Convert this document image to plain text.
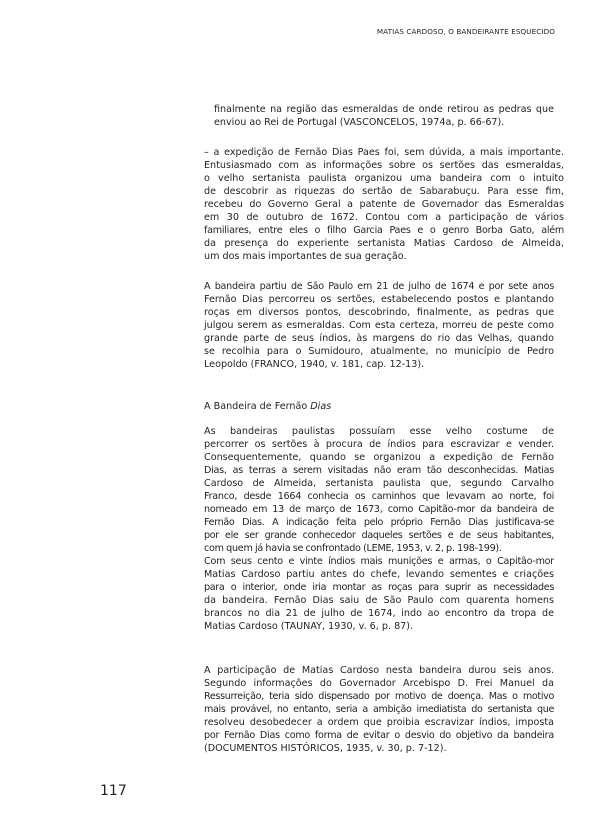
MATIAS CARDOSO, O BANDEIRANTE ESQUECIDO
finalmente na região das esmeraldas de onde retirou as pedras que
enviou ao Rei de Portugal (VASCONCELOS, 1974a, p. 66-67).
– a expedição de Fernão Dias Paes foi, sem dúvida, a mais importante.
Entusiasmado com as informações sobre os sertões das esmeraldas,
o velho sertanista paulista organizou uma bandeira com o intuito
de descobrir as riquezas do sertão de Sabarabuçu. Para esse fim,
recebeu do Governo Geral a patente de Governador das Esmeraldas
em 30 de outubro de 1672. Contou com a participação de vários
familiares, entre eles o filho Garcia Paes e o genro Borba Gato, além
da presença do experiente sertanista Matias Cardoso de Almeida,
um dos mais importantes de sua geração.
A bandeira partiu de São Paulo em 21 de julho de 1674 e por sete anos
Fernão Dias percorreu os sertões, estabelecendo postos e plantando
roças em diversos pontos, descobrindo, finalmente, as pedras que
julgou serem as esmeraldas. Com esta certeza, morreu de peste como
grande parte de seus índios, às margens do rio das Velhas, quando
se recolhia para o Sumidouro, atualmente, no município de Pedro
Leopoldo (FRANCO, 1940, v. 181, cap. 12-13).
A Bandeira de Fernão Dias
As bandeiras paulistas possuíam esse velho costume de
percorrer os sertões à procura de índios para escravizar e vender.
Consequentemente, quando se organizou a expedição de Fernão
Dias, as terras a serem visitadas não eram tão desconhecidas. Matias
Cardoso de Almeida, sertanista paulista que, segundo Carvalho
Franco, desde 1664 conhecia os caminhos que levavam ao norte, foi
nomeado em 13 de março de 1673, como Capitão-mor da bandeira de
Fernão Dias. A indicação feita pelo próprio Fernão Dias justificava-se
por ele ser grande conhecedor daqueles sertões e de seus habitantes,
com quem já havia se confrontado (LEME, 1953, v. 2, p. 198-199).
Com seus cento e vinte índios mais munições e armas, o Capitão-mor
Matias Cardoso partiu antes do chefe, levando sementes e criações
para o interior, onde iria montar as roças para suprir as necessidades
da bandeira. Fernão Dias saiu de São Paulo com quarenta homens
brancos no dia 21 de julho de 1674, indo ao encontro da tropa de
Matias Cardoso (TAUNAY, 1930, v. 6, p. 87).
A participação de Matias Cardoso nesta bandeira durou seis anos.
Segundo informações do Governador Arcebispo D. Frei Manuel da
Ressurreição, teria sido dispensado por motivo de doença. Mas o motivo
mais provável, no entanto, seria a ambição imediatista do sertanista que
resolveu desobedecer a ordem que proibia escravizar índios, imposta
por Fernão Dias como forma de evitar o desvio do objetivo da bandeira
(DOCUMENTOS HISTÓRICOS, 1935, v. 30, p. 7-12).
117
